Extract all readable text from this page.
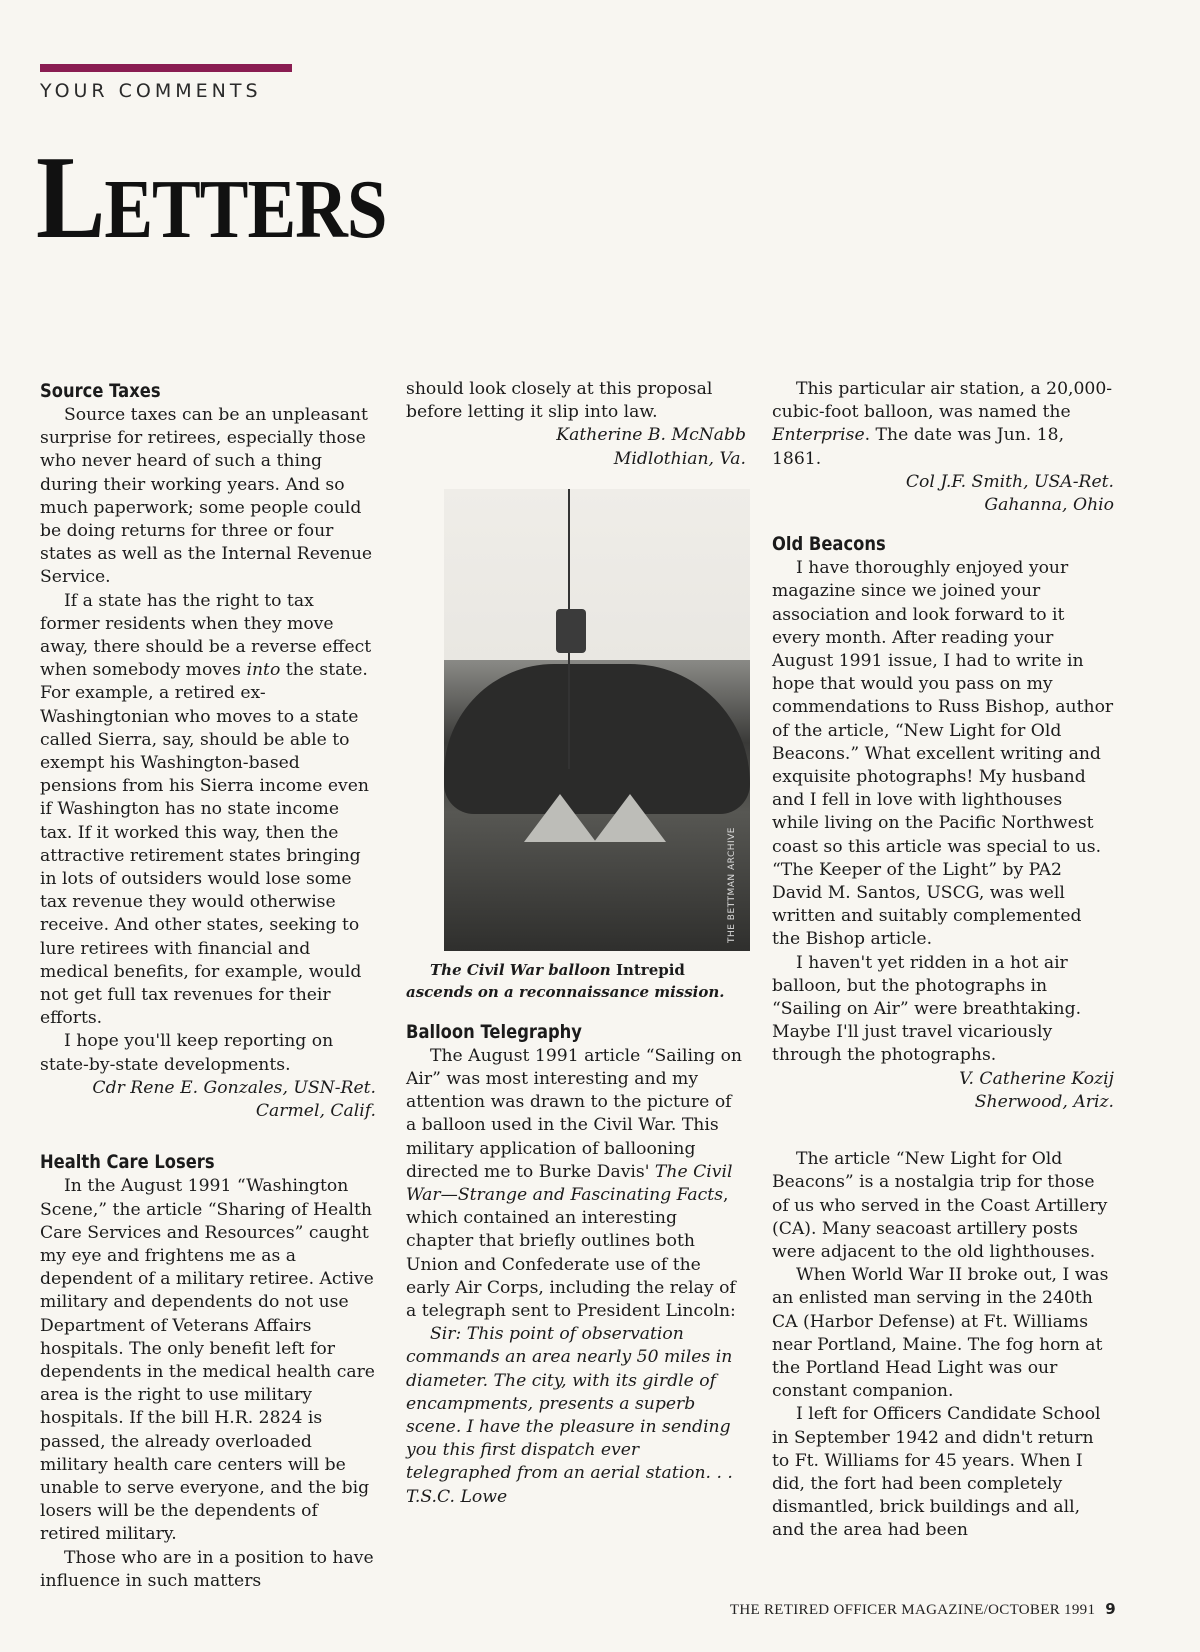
YOUR COMMENTS
Letters
Source Taxes

Source taxes can be an unpleasant surprise for retirees, especially those who never heard of such a thing during their working years. And so much paperwork; some people could be doing returns for three or four states as well as the Internal Revenue Service.

If a state has the right to tax former residents when they move away, there should be a reverse effect when somebody moves into the state. For example, a retired ex-Washingtonian who moves to a state called Sierra, say, should be able to exempt his Washington-based pensions from his Sierra income even if Washington has no state income tax. If it worked this way, then the attractive retirement states bringing in lots of outsiders would lose some tax revenue they would otherwise receive. And other states, seeking to lure retirees with financial and medical benefits, for example, would not get full tax revenues for their efforts.

I hope you'll keep reporting on state-by-state developments.

Cdr Rene E. Gonzales, USN-Ret.

Carmel, Calif.

Health Care Losers

In the August 1991 “Washington Scene,” the article “Sharing of Health Care Services and Resources” caught my eye and frightens me as a dependent of a military retiree. Active military and dependents do not use Department of Veterans Affairs hospitals. The only benefit left for dependents in the medical health care area is the right to use military hospitals. If the bill H.R. 2824 is passed, the already overloaded military health care centers will be unable to serve everyone, and the big losers will be the dependents of retired military.

Those who are in a position to have influence in such matters

should look closely at this proposal before letting it slip into law.

Katherine B. McNabb

Midlothian, Va.

THE BETTMAN ARCHIVE

The Civil War balloon Intrepid ascends on a reconnaissance mission.

Balloon Telegraphy

The August 1991 article “Sailing on Air” was most interesting and my attention was drawn to the picture of a balloon used in the Civil War. This military application of ballooning directed me to Burke Davis' The Civil War—Strange and Fascinating Facts, which contained an interesting chapter that briefly outlines both Union and Confederate use of the early Air Corps, including the relay of a telegraph sent to President Lincoln:

Sir: This point of observation commands an area nearly 50 miles in diameter. The city, with its girdle of encampments, presents a superb scene. I have the pleasure in sending you this first dispatch ever telegraphed from an aerial station. . . T.S.C. Lowe

This particular air station, a 20,000-cubic-foot balloon, was named the Enterprise. The date was Jun. 18, 1861.

Col J.F. Smith, USA-Ret.

Gahanna, Ohio

Old Beacons

I have thoroughly enjoyed your magazine since we joined your association and look forward to it every month. After reading your August 1991 issue, I had to write in hope that would you pass on my commendations to Russ Bishop, author of the article, “New Light for Old Beacons.” What excellent writing and exquisite photographs! My husband and I fell in love with lighthouses while living on the Pacific Northwest coast so this article was special to us. “The Keeper of the Light” by PA2 David M. Santos, USCG, was well written and suitably complemented the Bishop article.

I haven't yet ridden in a hot air balloon, but the photographs in “Sailing on Air” were breathtaking. Maybe I'll just travel vicariously through the photographs.

V. Catherine Kozij

Sherwood, Ariz.

The article “New Light for Old Beacons” is a nostalgia trip for those of us who served in the Coast Artillery (CA). Many seacoast artillery posts were adjacent to the old lighthouses.

When World War II broke out, I was an enlisted man serving in the 240th CA (Harbor Defense) at Ft. Williams near Portland, Maine. The fog horn at the Portland Head Light was our constant companion.

I left for Officers Candidate School in September 1942 and didn't return to Ft. Williams for 45 years. When I did, the fort had been completely dismantled, brick buildings and all, and the area had been

THE RETIRED OFFICER MAGAZINE/OCTOBER 1991 9
